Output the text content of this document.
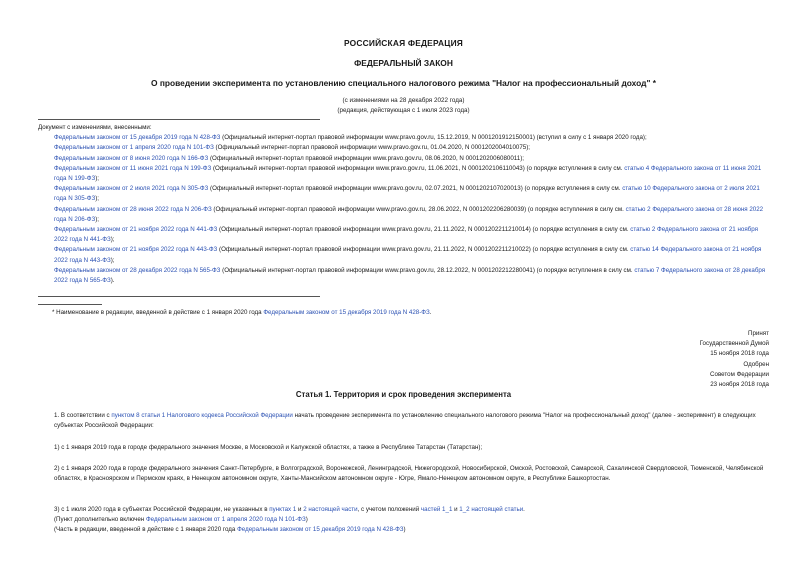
РОССИЙСКАЯ ФЕДЕРАЦИЯ
ФЕДЕРАЛЬНЫЙ ЗАКОН
О проведении эксперимента по установлению специального налогового режима "Налог на профессиональный доход" *
(с изменениями на 28 декабря 2022 года)
(редакция, действующая с 1 июля 2023 года)

Документ с изменениями, внесенными:

Федеральным законом от 15 декабря 2019 года N 428-ФЗ (Официальный интернет-портал правовой информации www.pravo.gov.ru, 15.12.2019, N 0001201912150001) (вступил в силу с 1 января 2020 года);

Федеральным законом от 1 апреля 2020 года N 101-ФЗ (Официальный интернет-портал правовой информации www.pravo.gov.ru, 01.04.2020, N 0001202004010075);

Федеральным законом от 8 июня 2020 года N 166-ФЗ (Официальный интернет-портал правовой информации www.pravo.gov.ru, 08.06.2020, N 0001202006080011);

Федеральным законом от 11 июня 2021 года N 199-ФЗ (Официальный интернет-портал правовой информации www.pravo.gov.ru, 11.06.2021, N 0001202106110043) (о порядке вступления в силу см. статью 4 Федерального закона от 11 июня 2021 года N 199-ФЗ);

Федеральным законом от 2 июля 2021 года N 305-ФЗ (Официальный интернет-портал правовой информации www.pravo.gov.ru, 02.07.2021, N 0001202107020013) (о порядке вступления в силу см. статью 10 Федерального закона от 2 июля 2021 года N 305-ФЗ);

Федеральным законом от 28 июня 2022 года N 206-ФЗ (Официальный интернет-портал правовой информации www.pravo.gov.ru, 28.06.2022, N 0001202206280039) (о порядке вступления в силу см. статью 2 Федерального закона от 28 июня 2022 года N 206-ФЗ);

Федеральным законом от 21 ноября 2022 года N 441-ФЗ (Официальный интернет-портал правовой информации www.pravo.gov.ru, 21.11.2022, N 0001202211210014) (о порядке вступления в силу см. статью 2 Федерального закона от 21 ноября 2022 года N 441-ФЗ);

Федеральным законом от 21 ноября 2022 года N 443-ФЗ (Официальный интернет-портал правовой информации www.pravo.gov.ru, 21.11.2022, N 0001202211210022) (о порядке вступления в силу см. статью 14 Федерального закона от 21 ноября 2022 года N 443-ФЗ);

Федеральным законом от 28 декабря 2022 года N 565-ФЗ (Официальный интернет-портал правовой информации www.pravo.gov.ru, 28.12.2022, N 0001202212280041) (о порядке вступления в силу см. статью 7 Федерального закона от 28 декабря 2022 года N 565-ФЗ).

* Наименование в редакции, введенной в действие с 1 января 2020 года Федеральным законом от 15 декабря 2019 года N 428-ФЗ.

Принят

Государственной Думой

15 ноября 2018 года

Одобрен

Советом Федерации

23 ноября 2018 года

Статья 1. Территория и срок проведения эксперимента
1. В соответствии с пунктом 8 статьи 1 Налогового кодекса Российской Федерации начать проведение эксперимента по установлению специального налогового режима "Налог на профессиональный доход" (далее - эксперимент) в следующих субъектах Российской Федерации:
1) с 1 января 2019 года в городе федерального значения Москве, в Московской и Калужской областях, а также в Республике Татарстан (Татарстан);
2) с 1 января 2020 года в городе федерального значения Санкт-Петербурге, в Волгоградской, Воронежской, Ленинградской, Нижегородской, Новосибирской, Омской, Ростовской, Самарской, Сахалинской Свердловской, Тюменской, Челябинской областях, в Красноярском и Пермском краях, в Ненецком автономном округе, Ханты-Мансийском автономном округе - Югре, Ямало-Ненецком автономном округе, в Республике Башкортостан.
3) с 1 июля 2020 года в субъектах Российской Федерации, не указанных в пунктах 1 и 2 настоящей части, с учетом положений частей 1_1 и 1_2 настоящей статьи.
(Пункт дополнительно включен Федеральным законом от 1 апреля 2020 года N 101-ФЗ)
(Часть в редакции, введенной в действие с 1 января 2020 года Федеральным законом от 15 декабря 2019 года N 428-ФЗ)
